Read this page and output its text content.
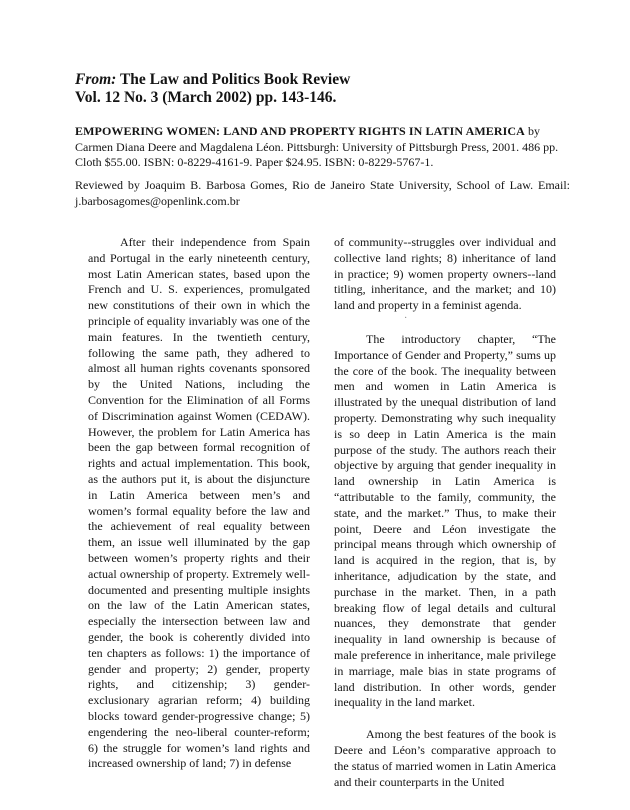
From: The Law and Politics Book Review

Vol. 12 No. 3 (March 2002) pp. 143-146.

EMPOWERING WOMEN: LAND AND PROPERTY RIGHTS IN LATIN AMERICA by Carmen Diana Deere and Magdalena Léon. Pittsburgh: University of Pittsburgh Press, 2001. 486 pp. Cloth $55.00. ISBN: 0-8229-4161-9. Paper $24.95. ISBN: 0-8229-5767-1.
Reviewed by Joaquim B. Barbosa Gomes, Rio de Janeiro State University, School of Law. Email: j.barbosagomes@openlink.com.br

After their independence from Spain and Portugal in the early nineteenth century, most Latin American states, based upon the French and U. S. experiences, promulgated new constitutions of their own in which the principle of equality invariably was one of the main features. In the twentieth century, following the same path, they adhered to almost all human rights covenants sponsored by the United Nations, including the Convention for the Elimination of all Forms of Discrimination against Women (CEDAW). However, the problem for Latin America has been the gap between formal recognition of rights and actual implementation. This book, as the authors put it, is about the disjuncture in Latin America between men’s and women’s formal equality before the law and the achievement of real equality between them, an issue well illuminated by the gap between women’s property rights and their actual ownership of property. Extremely well-documented and presenting multiple insights on the law of the Latin American states, especially the intersection between law and gender, the book is coherently divided into ten chapters as follows: 1) the importance of gender and property; 2) gender, property rights, and citizenship; 3) gender-exclusionary agrarian reform; 4) building blocks toward gender-progressive change; 5) engendering the neo-liberal counter-reform; 6) the struggle for women’s land rights and increased ownership of land; 7) in defense

of community--struggles over individual and collective land rights; 8) inheritance of land in practice; 9) women property owners--land titling, inheritance, and the market; and 10) land and property in a feminist agenda.

·

The introductory chapter, “The Importance of Gender and Property,” sums up the core of the book. The inequality between men and women in Latin America is illustrated by the unequal distribution of land property. Demonstrating why such inequality is so deep in Latin America is the main purpose of the study. The authors reach their objective by arguing that gender inequality in land ownership in Latin America is “attributable to the family, community, the state, and the market.” Thus, to make their point, Deere and Léon investigate the principal means through which ownership of land is acquired in the region, that is, by inheritance, adjudication by the state, and purchase in the market. Then, in a path breaking flow of legal details and cultural nuances, they demonstrate that gender inequality in land ownership is because of male preference in inheritance, male privilege in marriage, male bias in state programs of land distribution. In other words, gender inequality in the land market.

Among the best features of the book is Deere and Léon’s comparative approach to the status of married women in Latin America and their counterparts in the United
